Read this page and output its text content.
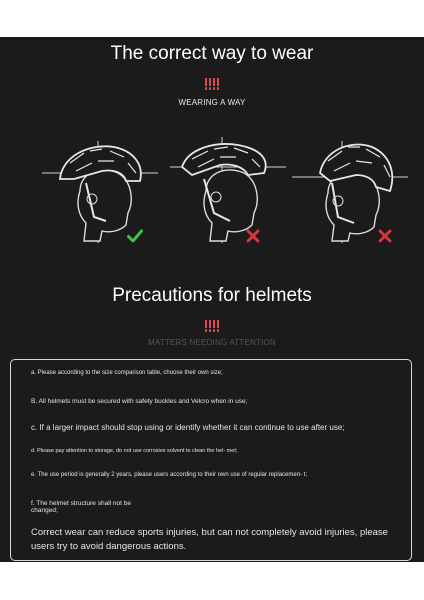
The correct way to wear
WEARING A WAY
Precautions for helmets
MATTERS NEEDING ATTENTION
a. Please according to the size comparison table, choose their own size;
B. All helmets must be secured with safety buckles and Velcro when in use;
c. If a larger impact should stop using or identify whether it can continue to use after use;
d. Please pay attention to storage, do not use corrosive solvent to clean the hel- met;
e. The use period is generally 2 years, please users according to their own use of regular replacemen- t;
f. The helmet structure shall not be changed;
Correct wear can reduce sports injuries, but can not completely avoid injuries, please users try to avoid dangerous actions.
